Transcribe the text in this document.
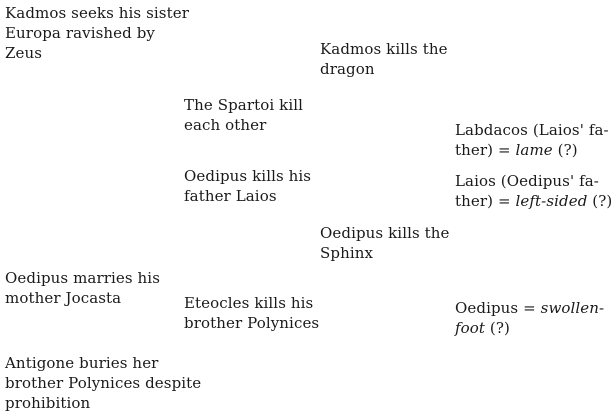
Kadmos seeks his sister
Europa ravished by
Zeus

Oedipus marries his
mother Jocasta

Antigone buries her
brother Polynices despite
prohibition

The Spartoi kill
each other

Oedipus kills his
father Laios

Eteocles kills his
brother Polynices

Kadmos kills the
dragon

Oedipus kills the
Sphinx

Labdacos (Laios' fa-
ther) = lame (?)

Laios (Oedipus' fa-
ther) = left-sided (?)

Oedipus = swollen-
foot (?)
